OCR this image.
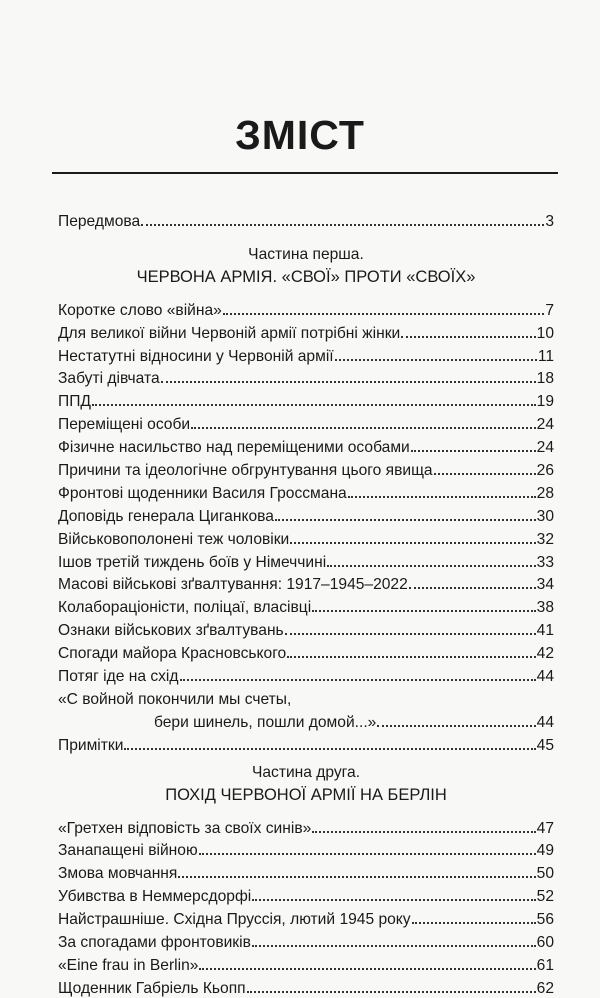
ЗМІСТ
Передмова	3
Частина перша.
ЧЕРВОНА АРМІЯ. «СВОЇ» ПРОТИ «СВОЇХ»
Коротке слово «війна»	7
Для великої війни Червоній армії потрібні жінки	10
Нестатутні відносини у Червоній армії	11
Забуті дівчата	18
ППД	19
Переміщені особи	24
Фізичне насильство над переміщеними особами	24
Причини та ідеологічне обгрунтування цього явища	26
Фронтові щоденники Василя Гроссмана	28
Доповідь генерала Циганкова	30
Військовополонені теж чоловіки	32
Ішов третій тиждень боїв у Німеччині	33
Масові військові зґвалтування: 1917–1945–2022	34
Колабораціоністи, поліцаї, власівці	38
Ознаки військових зґвалтувань	41
Спогади майора Красновського	42
Потяг іде на схід	44
«С войной покончили мы счеты,
бери шинель, пошли домой...»	44
Примітки	45
Частина друга.
ПОХІД ЧЕРВОНОЇ АРМІЇ НА БЕРЛІН
«Гретхен відповість за своїх синів»	47
Занапащені війною	49
Змова мовчання	50
Убивства в Неммерсдорфі	52
Найстрашніше. Східна Пруссія, лютий 1945 року	56
За спогадами фронтовиків	60
«Eine frau in Berlin»	61
Щоденник Габріель Кьопп	62
